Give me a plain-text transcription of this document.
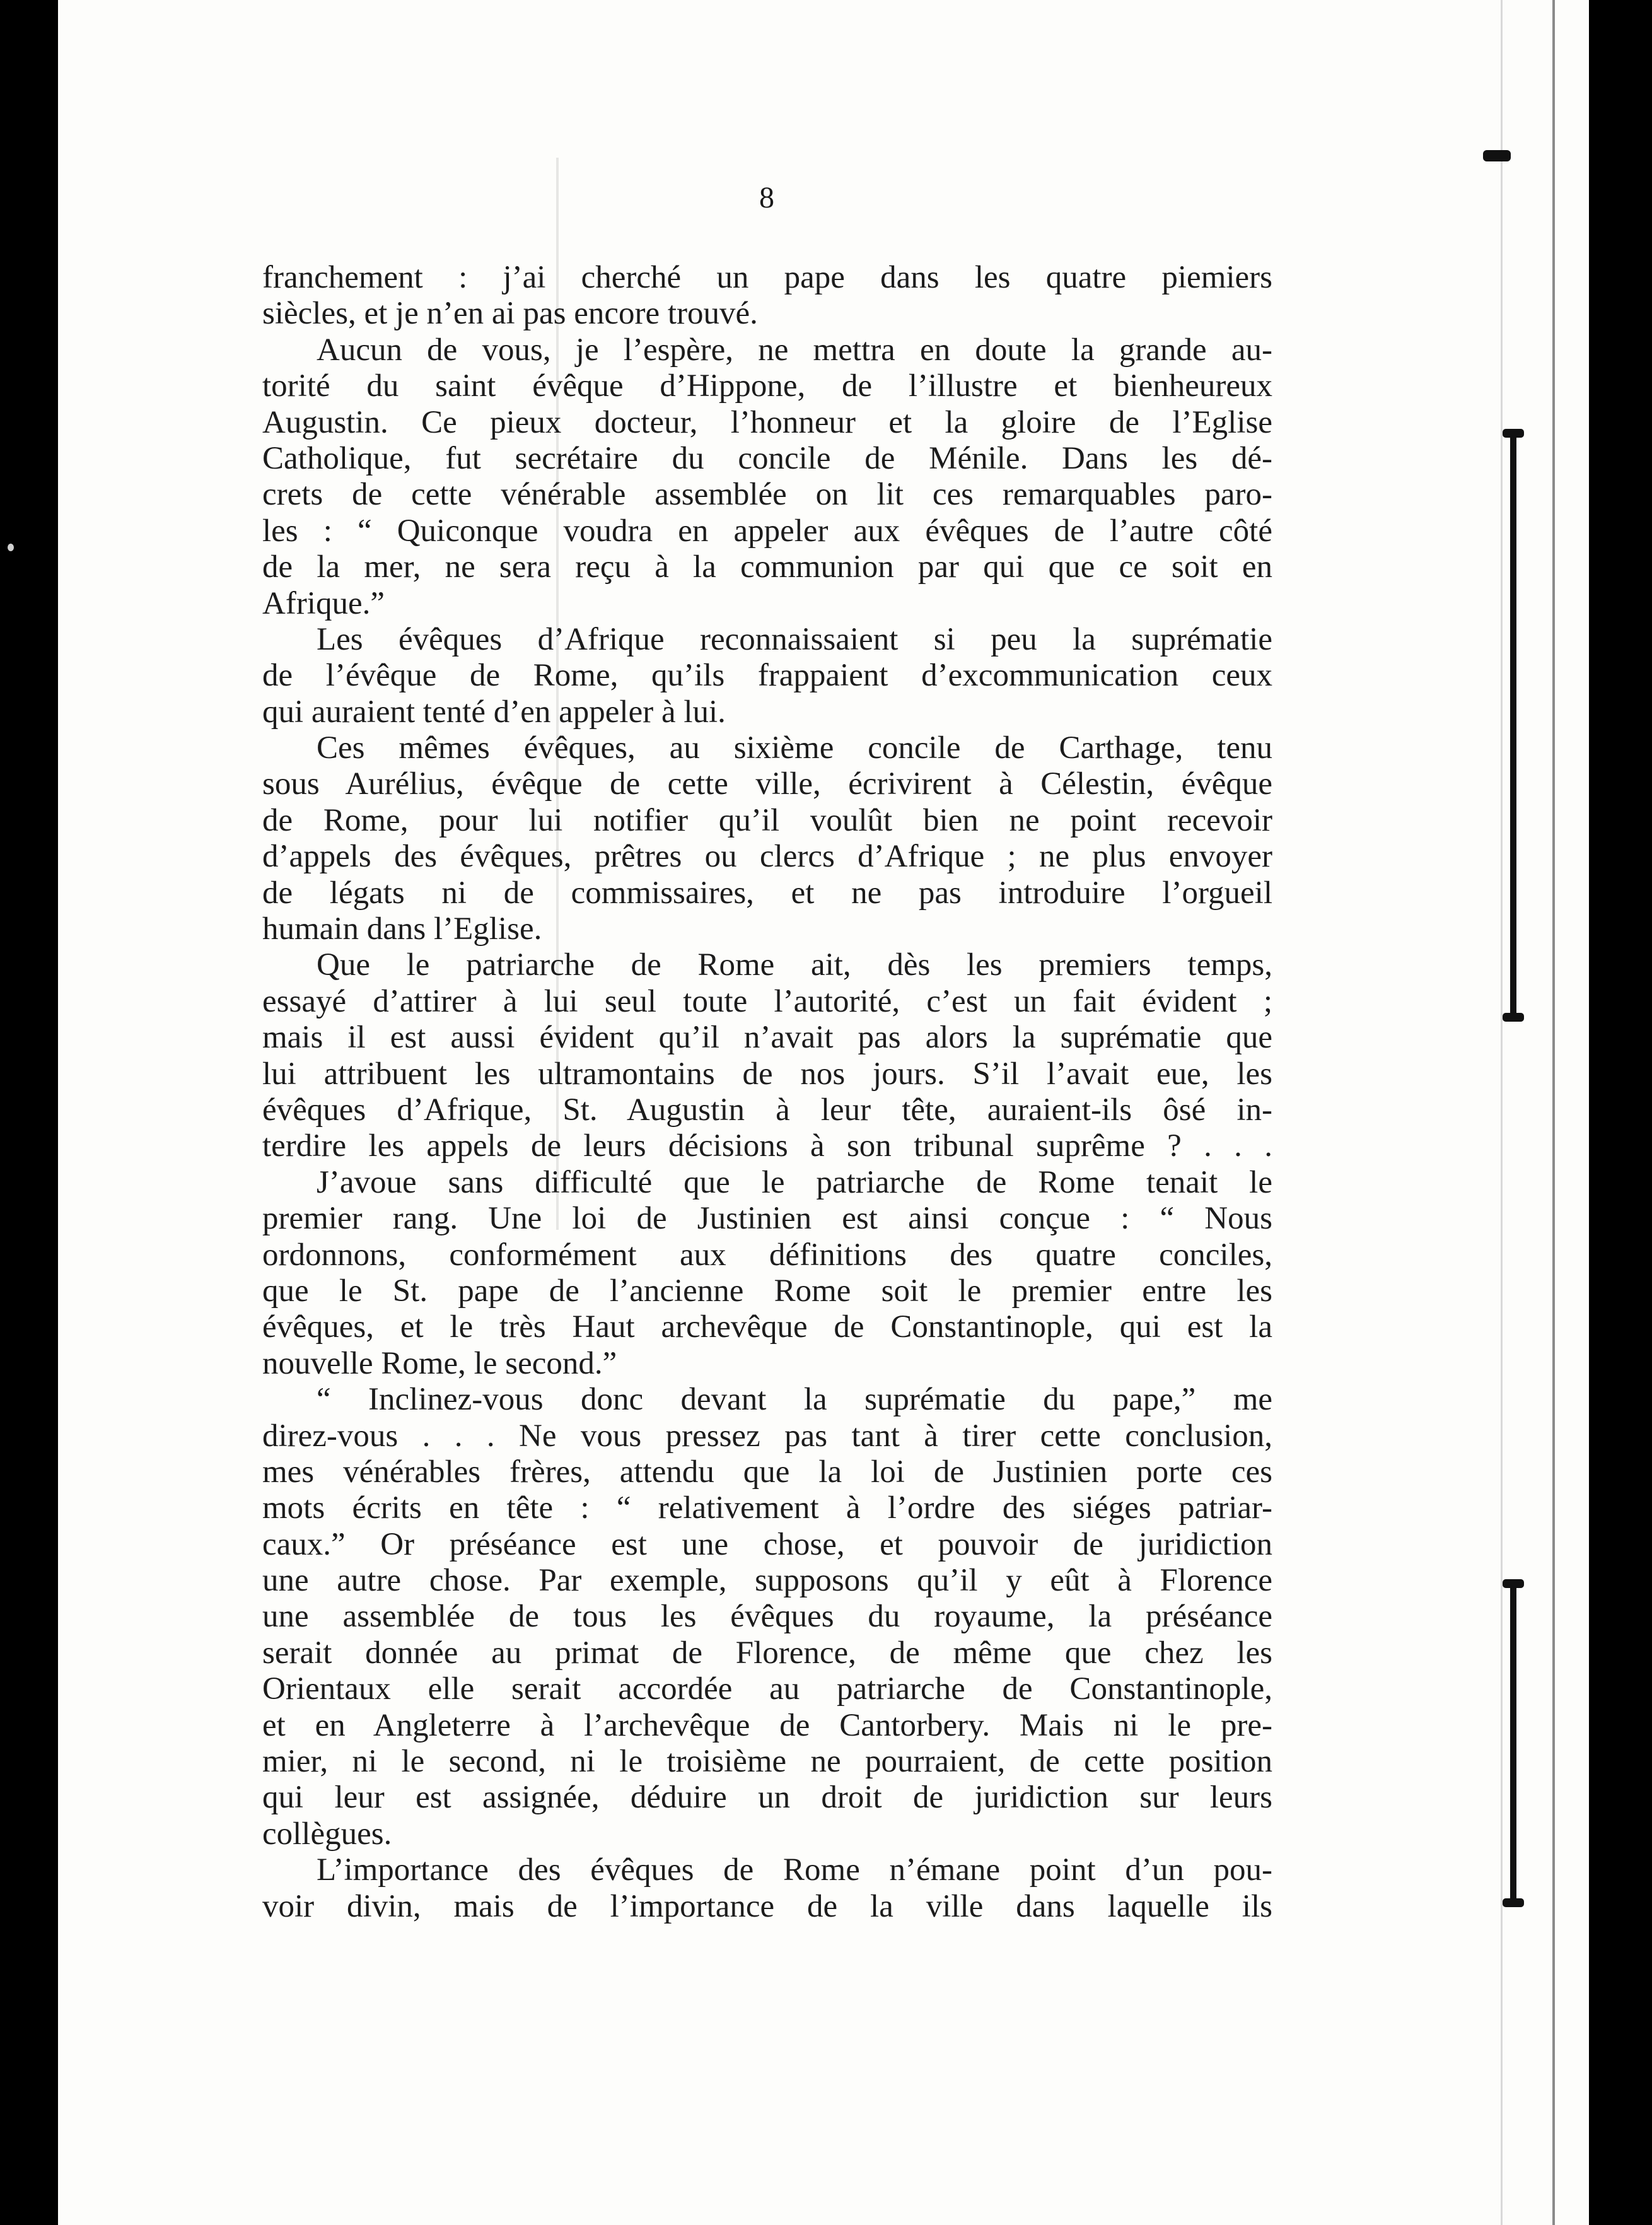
8
franchement : j’ai cherché un pape dans les quatre piemiers
siècles, et je n’en ai pas encore trouvé.
Aucun de vous, je l’espère, ne mettra en doute la grande au-
torité du saint évêque d’Hippone, de l’illustre et bienheureux
Augustin. Ce pieux docteur, l’honneur et la gloire de l’Eglise
Catholique, fut secrétaire du concile de Ménile. Dans les dé-
crets de cette vénérable assemblée on lit ces remarquables paro-
les : “ Quiconque voudra en appeler aux évêques de l’autre côté
de la mer, ne sera reçu à la communion par qui que ce soit en
Afrique.”
Les évêques d’Afrique reconnaissaient si peu la suprématie
de l’évêque de Rome, qu’ils frappaient d’excommunication ceux
qui auraient tenté d’en appeler à lui.
Ces mêmes évêques, au sixième concile de Carthage, tenu
sous Aurélius, évêque de cette ville, écrivirent à Célestin, évêque
de Rome, pour lui notifier qu’il voulût bien ne point recevoir
d’appels des évêques, prêtres ou clercs d’Afrique ; ne plus envoyer
de légats ni de commissaires, et ne pas introduire l’orgueil
humain dans l’Eglise.
Que le patriarche de Rome ait, dès les premiers temps,
essayé d’attirer à lui seul toute l’autorité, c’est un fait évident ;
mais il est aussi évident qu’il n’avait pas alors la suprématie que
lui attribuent les ultramontains de nos jours. S’il l’avait eue, les
évêques d’Afrique, St. Augustin à leur tête, auraient-ils ôsé in-
terdire les appels de leurs décisions à son tribunal suprême ? . . .
J’avoue sans difficulté que le patriarche de Rome tenait le
premier rang. Une loi de Justinien est ainsi conçue : “ Nous
ordonnons, conformément aux définitions des quatre conciles,
que le St. pape de l’ancienne Rome soit le premier entre les
évêques, et le très Haut archevêque de Constantinople, qui est la
nouvelle Rome, le second.”
“ Inclinez-vous donc devant la suprématie du pape,” me
direz-vous . . . Ne vous pressez pas tant à tirer cette conclusion,
mes vénérables frères, attendu que la loi de Justinien porte ces
mots écrits en tête : “ relativement à l’ordre des siéges patriar-
caux.” Or préséance est une chose, et pouvoir de juridiction
une autre chose. Par exemple, supposons qu’il y eût à Florence
une assemblée de tous les évêques du royaume, la préséance
serait donnée au primat de Florence, de même que chez les
Orientaux elle serait accordée au patriarche de Constantinople,
et en Angleterre à l’archevêque de Cantorbery. Mais ni le pre-
mier, ni le second, ni le troisième ne pourraient, de cette position
qui leur est assignée, déduire un droit de juridiction sur leurs
collègues.
L’importance des évêques de Rome n’émane point d’un pou-
voir divin, mais de l’importance de la ville dans laquelle ils
